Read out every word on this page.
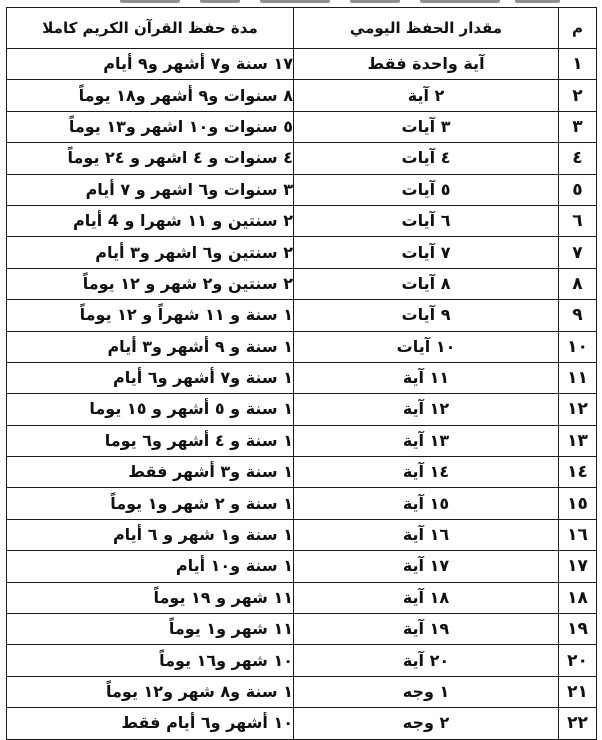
م	مقدار الحفظ اليومي	مدة حفظ القرآن الكريم كاملا
١	آية واحدة فقط	١٧ سنة و٧ أشهر و٩ أيام
٢	٢ آية	٨ سنوات و٩ أشهر و١٨ يوماً
٣	٣ آيات	٥ سنوات و١٠ اشهر و١٣ يوماً
٤	٤ آيات	٤ سنوات و ٤ اشهر و ٢٤ يوماً
٥	٥ آيات	٣ سنوات و٦ اشهر و ٧ أيام
٦	٦ آيات	٢ سنتين و ١١ شهرا و 4 أيام
٧	٧ آيات	٢ سنتين و٦ اشهر و٣ أيام
٨	٨ آيات	٢ سنتين و٢ شهر و ١٢ يوماً
٩	٩ آيات	١ سنة و ١١ شهراً و ١٢ يوماً
١٠	١٠ آيات	١ سنة و ٩ أشهر و٣ أيام
١١	١١ آية	١ سنة و٧ أشهر و٦ أيام
١٢	١٢ آية	١ سنة و ٥ أشهر و ١٥ يوما
١٣	١٣ آية	١ سنة و ٤ أشهر و٦ يوما
١٤	١٤ آية	١ سنة و٣ أشهر فقط
١٥	١٥ آية	١ سنة و ٢ شهر و١ يوماً
١٦	١٦ آية	١ سنة و١ شهر و ٦ أيام
١٧	١٧ آية	١ سنة و١٠ أيام
١٨	١٨ آية	١١ شهر و ١٩ يوماً
١٩	١٩ آية	١١ شهر و١ يوماً
٢٠	٢٠ آية	١٠ شهر و١٦ يوماً
٢١	١ وجه	١ سنة و٨ شهر و١٢ يوماً
٢٢	٢ وجه	١٠ أشهر و٦ أيام فقط
